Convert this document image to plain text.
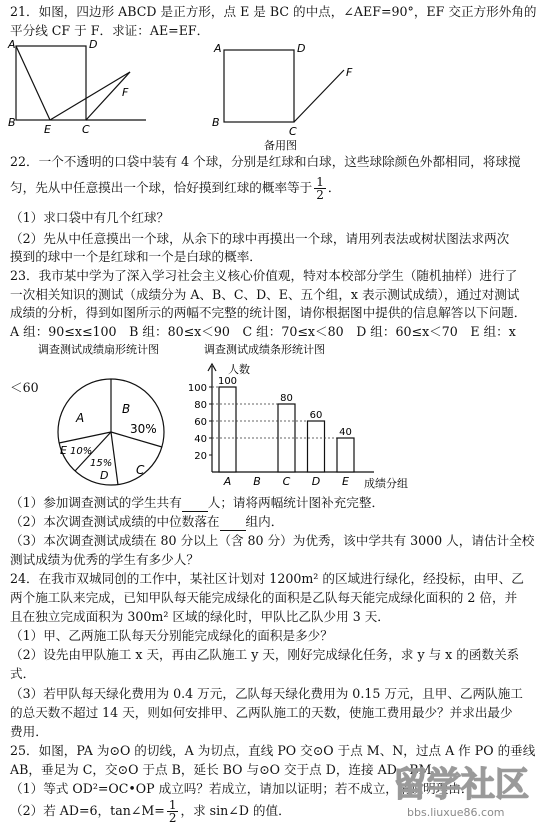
21．如图，四边形 ABCD 是正方形，点 E 是 BC 的中点，∠AEF=90°，EF 交正方形外角的
平分线 CF 于 F．求证：AE=EF．
A	D
B
E	C
F
A	D
B
C
F
备用图
22．一个不透明的口袋中装有 4 个球，分别是红球和白球，这些球除颜色外都相同，将球搅
匀，先从中任意摸出一个球，恰好摸到红球的概率等于 $\frac{1}{2}$ ．
（1）求口袋中有几个红球？
（2）先从中任意摸出一个球，从余下的球中再摸出一个球，请用列表法或树状图法求两次
摸到的球中一个是红球和一个是白球的概率．
23．我市某中学为了深入学习社会主义核心价值观，特对本校部分学生（随机抽样）进行了
一次相关知识的测试（成绩分为 A、B、C、D、E、五个组，x 表示测试成绩），通过对测试
成绩的分析，得到如图所示的两幅不完整的统计图，请你根据图中提供的信息解答以下问题．
A 组：90≤x≤100　B 组：80≤x＜90　C 组：70≤x＜80　D 组：60≤x＜70　E 组：x
＜60
调查测试成绩扇形统计图
A
B
30%
C
D
15%
E 10%
调查测试成绩条形统计图
人数
成绩分组
20
40
60
80
100
100
A B
80
C
60
D
40
E
（1）参加调查测试的学生共有 人；请将两幅统计图补充完整．
（2）本次调查测试成绩的中位数落在 组内．
（3）本次调查测试成绩在 80 分以上（含 80 分）为优秀，该中学共有 3000 人，请估计全校
测试成绩为优秀的学生有多少人？
24．在我市双城同创的工作中，某社区计划对 1200m² 的区域进行绿化，经投标，由甲、乙
两个施工队来完成，已知甲队每天能完成绿化的面积是乙队每天能完成绿化面积的 2 倍，并
且在独立完成面积为 300m² 区域的绿化时，甲队比乙队少用 3 天．
（1）甲、乙两施工队每天分别能完成绿化的面积是多少？
（2）设先由甲队施工 x 天，再由乙队施工 y 天，刚好完成绿化任务，求 y 与 x 的函数关系
式．
（3）若甲队每天绿化费用为 0.4 万元，乙队每天绿化费用为 0.15 万元，且甲、乙两队施工
的总天数不超过 14 天，则如何安排甲、乙两队施工的天数，使施工费用最少？并求出最少
费用．
25．如图，PA 为⊙O 的切线，A 为切点，直线 PO 交⊙O 于点 M、N，过点 A 作 PO 的垂线
AB，垂足为 C，交⊙O 于点 B，延长 BO 与⊙O 交于点 D，连接 AD、BM．
（1）等式 OD²=OC•OP 成立吗？若成立，请加以证明；若不成立，请说明理由．
（2）若 AD=6，tan∠M= $\frac{1}{2}$ ，求 sin∠D 的值．
留学社区
bbs.liuxue86.com
